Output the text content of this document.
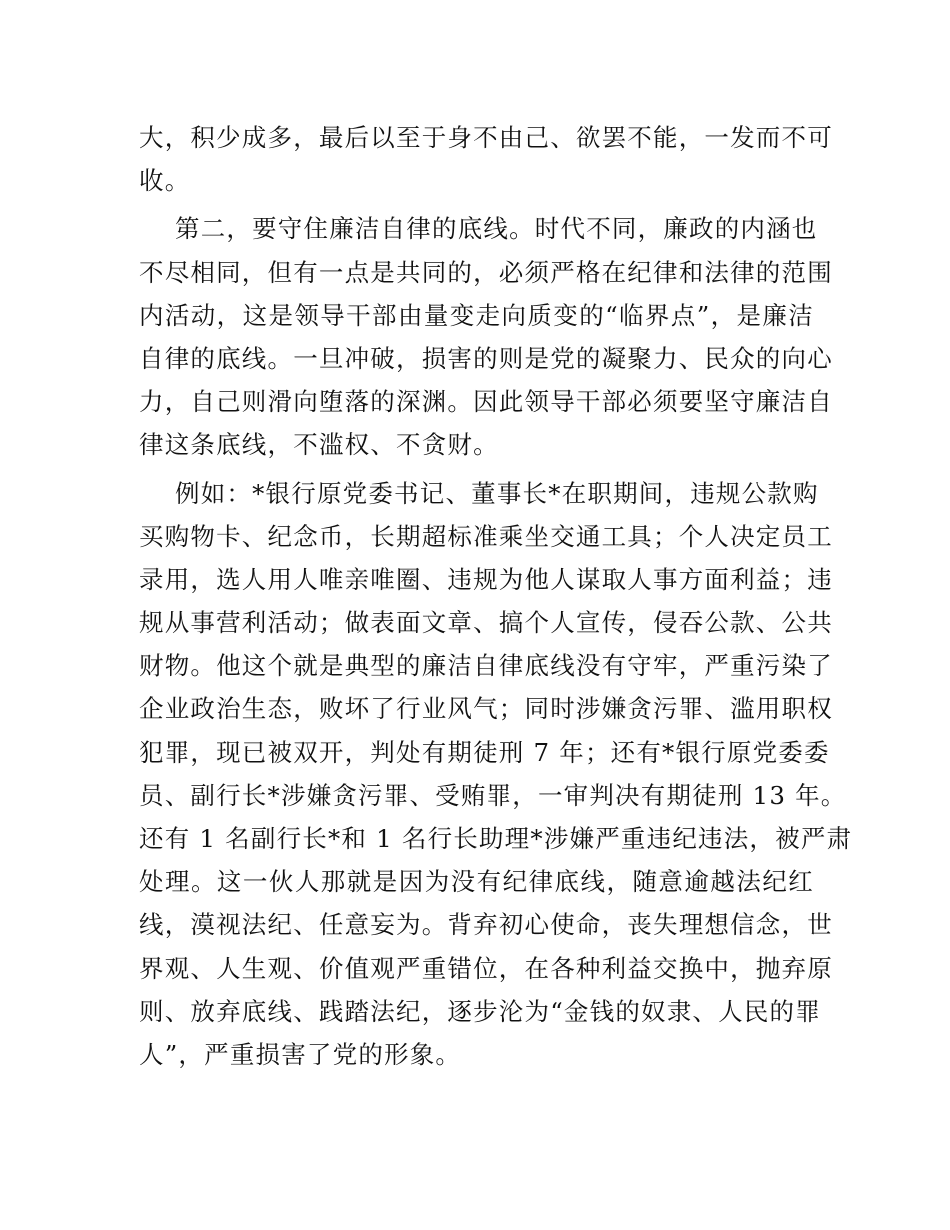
大，积少成多，最后以至于身不由己、欲罢不能，一发而不可
收。
第二，要守住廉洁自律的底线。时代不同，廉政的内涵也
不尽相同，但有一点是共同的，必须严格在纪律和法律的范围
内活动，这是领导干部由量变走向质变的“临界点”，是廉洁
自律的底线。一旦冲破，损害的则是党的凝聚力、民众的向心
力，自己则滑向堕落的深渊。因此领导干部必须要坚守廉洁自
律这条底线，不滥权、不贪财。
例如：*银行原党委书记、董事长*在职期间，违规公款购
买购物卡、纪念币，长期超标准乘坐交通工具；个人决定员工
录用，选人用人唯亲唯圈、违规为他人谋取人事方面利益；违
规从事营利活动；做表面文章、搞个人宣传，侵吞公款、公共
财物。他这个就是典型的廉洁自律底线没有守牢，严重污染了
企业政治生态，败坏了行业风气；同时涉嫌贪污罪、滥用职权
犯罪，现已被双开，判处有期徒刑 7 年；还有*银行原党委委
员、副行长*涉嫌贪污罪、受贿罪，一审判决有期徒刑 13 年。
还有 1 名副行长*和 1 名行长助理*涉嫌严重违纪违法，被严肃
处理。这一伙人那就是因为没有纪律底线，随意逾越法纪红
线，漠视法纪、任意妄为。背弃初心使命，丧失理想信念，世
界观、人生观、价值观严重错位，在各种利益交换中，抛弃原
则、放弃底线、践踏法纪，逐步沦为“金钱的奴隶、人民的罪
人”，严重损害了党的形象。
